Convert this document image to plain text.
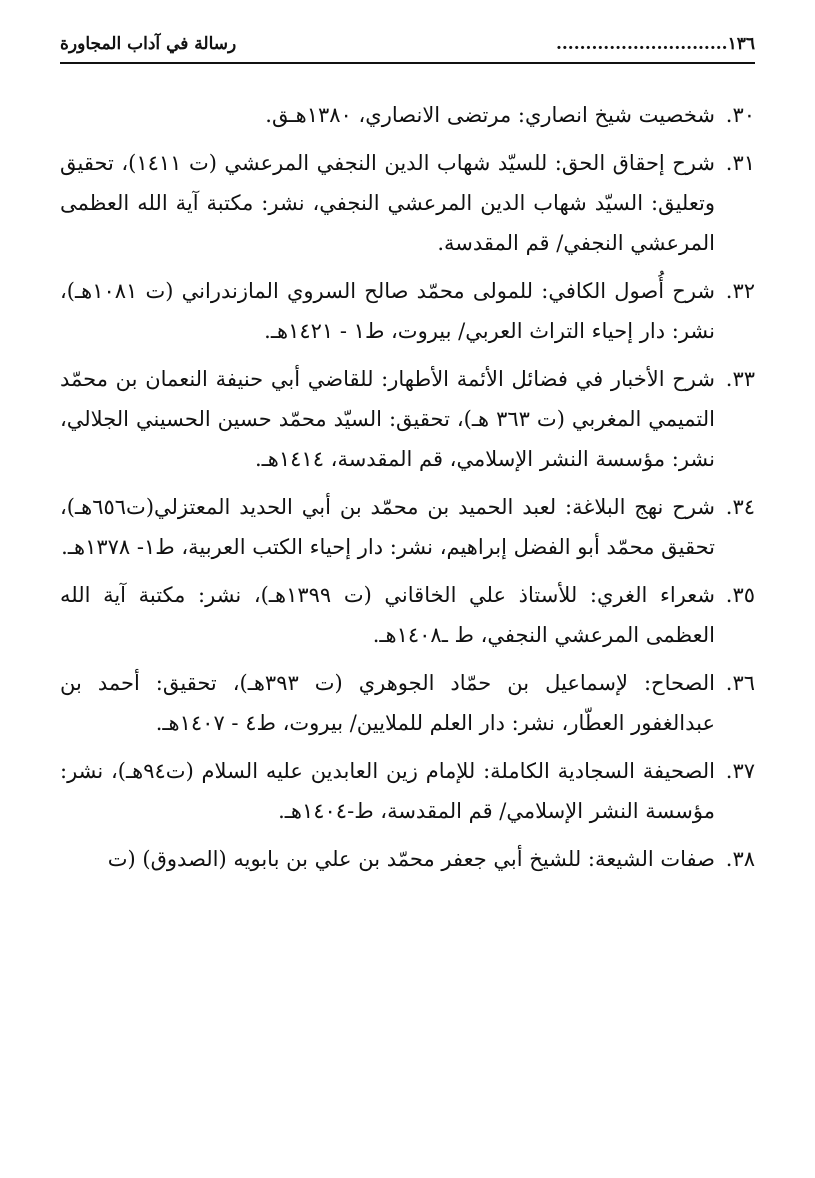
١٣٦.............................
رسالة في آداب المجاورة
٣٠.
شخصيت شيخ انصاري: مرتضى الانصاري، ١٣٨٠هـق.
٣١.
شرح إحقاق الحق: للسيّد شهاب الدين النجفي المرعشي (ت ١٤١١)، تحقيق وتعليق: السيّد شهاب الدين المرعشي النجفي، نشر: مكتبة آية الله العظمى المرعشي النجفي/ قم المقدسة.
٣٢.
شرح أُصول الكافي: للمولى محمّد صالح السروي المازندراني (ت ١٠٨١هـ)، نشر: دار إحياء التراث العربي/ بيروت، ط١ - ١٤٢١هـ.
٣٣.
شرح الأخبار في فضائل الأئمة الأطهار: للقاضي أبي حنيفة النعمان بن محمّد التميمي المغربي (ت ٣٦٣ هـ)، تحقيق: السيّد محمّد حسين الحسيني الجلالي، نشر: مؤسسة النشر الإسلامي، قم المقدسة، ١٤١٤هـ.
٣٤.
شرح نهج البلاغة: لعبد الحميد بن محمّد بن أبي الحديد المعتزلي(ت٦٥٦هـ)، تحقيق محمّد أبو الفضل إبراهيم، نشر: دار إحياء الكتب العربية، ط١- ١٣٧٨هـ.
٣٥.
شعراء الغري: للأستاذ علي الخاقاني (ت ١٣٩٩هـ)، نشر: مكتبة آية الله العظمى المرعشي النجفي، ط ـ١٤٠٨هـ.
٣٦.
الصحاح: لإسماعيل بن حمّاد الجوهري (ت ٣٩٣هـ)، تحقيق: أحمد بن عبدالغفور العطّار، نشر: دار العلم للملايين/ بيروت، ط٤ - ١٤٠٧هـ.
٣٧.
الصحيفة السجادية الكاملة: للإمام زين العابدين عليه السلام (ت٩٤هـ)، نشر: مؤسسة النشر الإسلامي/ قم المقدسة، ط-١٤٠٤هـ.
٣٨.
صفات الشيعة: للشيخ أبي جعفر محمّد بن علي بن بابويه (الصدوق) (ت
